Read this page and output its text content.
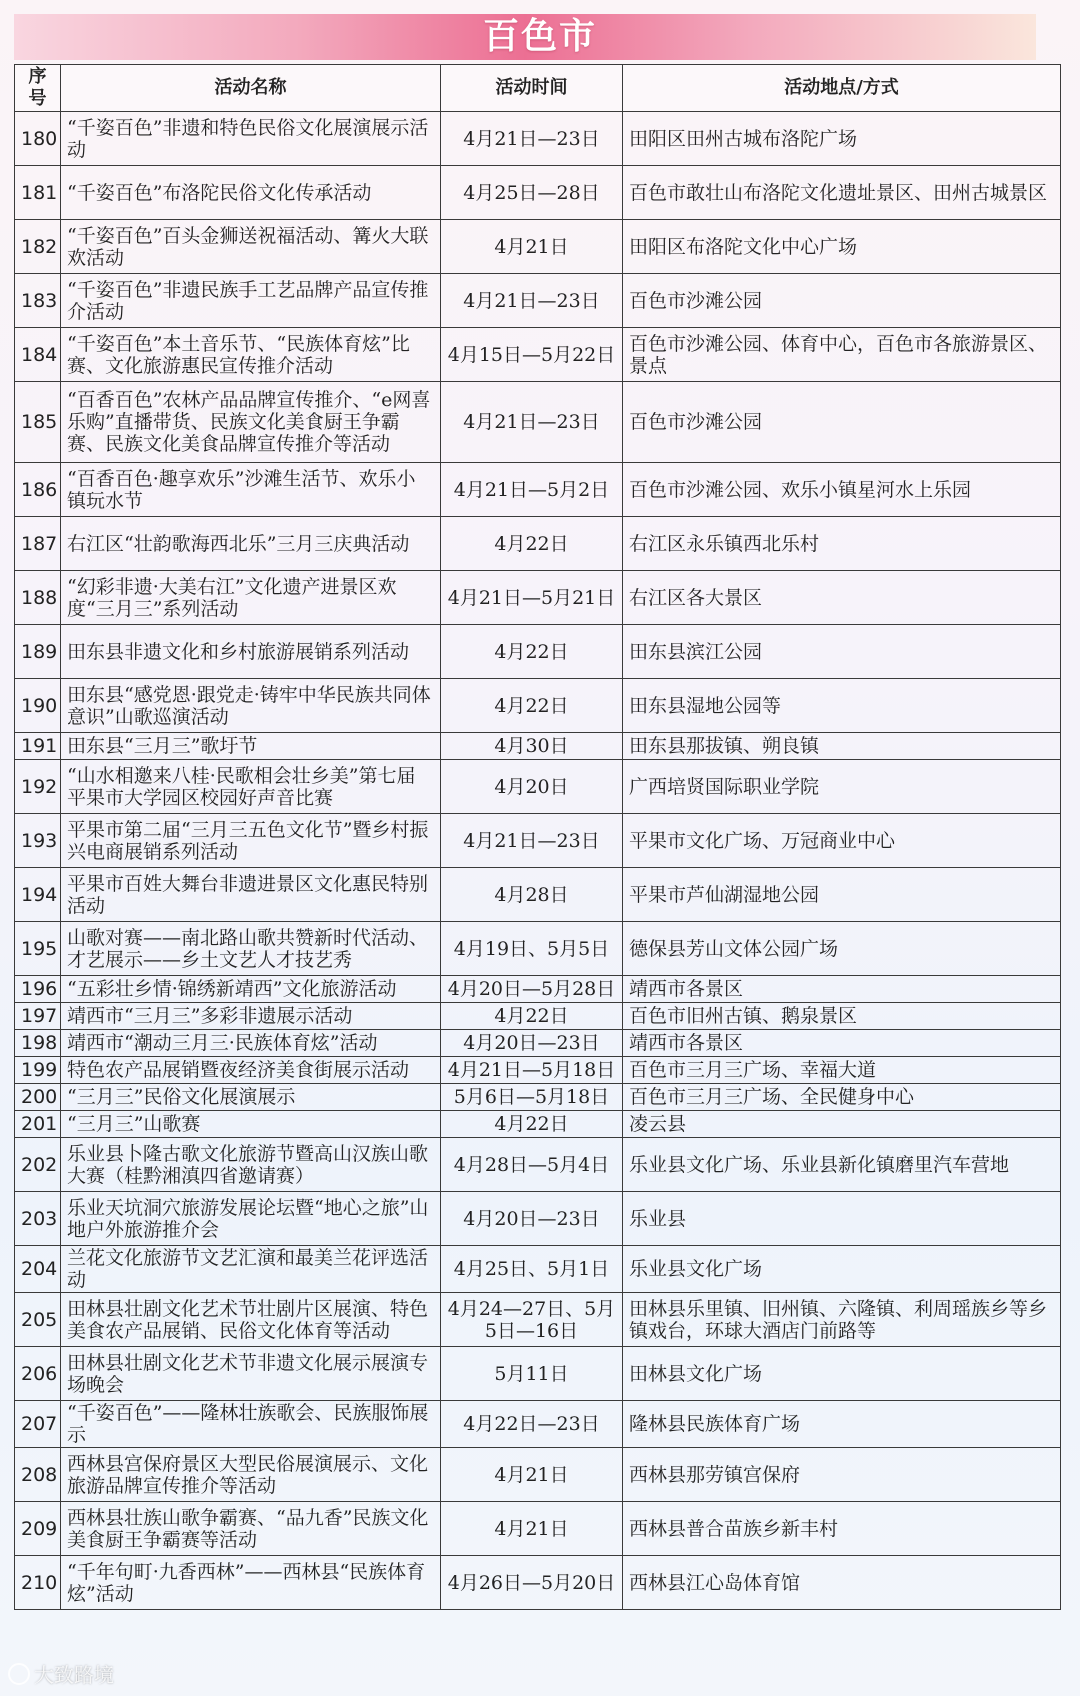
百色市
序号	活动名称	活动时间	活动地点/方式
180	“千姿百色”非遗和特色民俗文化展演展示活动	4月21日—23日	田阳区田州古城布洛陀广场
181	“千姿百色”布洛陀民俗文化传承活动	4月25日—28日	百色市敢壮山布洛陀文化遗址景区、田州古城景区
182	“千姿百色”百头金狮送祝福活动、篝火大联欢活动	4月21日	田阳区布洛陀文化中心广场
183	“千姿百色”非遗民族手工艺品牌产品宣传推介活动	4月21日—23日	百色市沙滩公园
184	“千姿百色”本土音乐节、“民族体育炫”比赛、文化旅游惠民宣传推介活动	4月15日—5月22日	百色市沙滩公园、体育中心，百色市各旅游景区、景点
185	“百香百色”农林产品品牌宣传推介、“e网喜乐购”直播带货、民族文化美食厨王争霸赛、民族文化美食品牌宣传推介等活动	4月21日—23日	百色市沙滩公园
186	“百香百色·趣享欢乐”沙滩生活节、欢乐小镇玩水节	4月21日—5月2日	百色市沙滩公园、欢乐小镇星河水上乐园
187	右江区“壮韵歌海西北乐”三月三庆典活动	4月22日	右江区永乐镇西北乐村
188	“幻彩非遗·大美右江”文化遗产进景区欢度“三月三”系列活动	4月21日—5月21日	右江区各大景区
189	田东县非遗文化和乡村旅游展销系列活动	4月22日	田东县滨江公园
190	田东县“感党恩·跟党走·铸牢中华民族共同体意识”山歌巡演活动	4月22日	田东县湿地公园等
191	田东县“三月三”歌圩节	4月30日	田东县那拔镇、朔良镇
192	“山水相邀来八桂·民歌相会壮乡美”第七届平果市大学园区校园好声音比赛	4月20日	广西培贤国际职业学院
193	平果市第二届“三月三五色文化节”暨乡村振兴电商展销系列活动	4月21日—23日	平果市文化广场、万冠商业中心
194	平果市百姓大舞台非遗进景区文化惠民特别活动	4月28日	平果市芦仙湖湿地公园
195	山歌对赛——南北路山歌共赞新时代活动、才艺展示——乡土文艺人才技艺秀	4月19日、5月5日	德保县芳山文体公园广场
196	“五彩壮乡情·锦绣新靖西”文化旅游活动	4月20日—5月28日	靖西市各景区
197	靖西市“三月三”多彩非遗展示活动	4月22日	百色市旧州古镇、鹅泉景区
198	靖西市“潮动三月三·民族体育炫”活动	4月20日—23日	靖西市各景区
199	特色农产品展销暨夜经济美食街展示活动	4月21日—5月18日	百色市三月三广场、幸福大道
200	“三月三”民俗文化展演展示	5月6日—5月18日	百色市三月三广场、全民健身中心
201	“三月三”山歌赛	4月22日	凌云县
202	乐业县卜隆古歌文化旅游节暨高山汉族山歌大赛（桂黔湘滇四省邀请赛）	4月28日—5月4日	乐业县文化广场、乐业县新化镇磨里汽车营地
203	乐业天坑洞穴旅游发展论坛暨“地心之旅”山地户外旅游推介会	4月20日—23日	乐业县
204	兰花文化旅游节文艺汇演和最美兰花评选活动	4月25日、5月1日	乐业县文化广场
205	田林县壮剧文化艺术节壮剧片区展演、特色美食农产品展销、民俗文化体育等活动	4月24—27日、5月5日—16日	田林县乐里镇、旧州镇、六隆镇、利周瑶族乡等乡镇戏台，环球大酒店门前路等
206	田林县壮剧文化艺术节非遗文化展示展演专场晚会	5月11日	田林县文化广场
207	“千姿百色”——隆林壮族歌会、民族服饰展示	4月22日—23日	隆林县民族体育广场
208	西林县宫保府景区大型民俗展演展示、文化旅游品牌宣传推介等活动	4月21日	西林县那劳镇宫保府
209	西林县壮族山歌争霸赛、“品九香”民族文化美食厨王争霸赛等活动	4月21日	西林县普合苗族乡新丰村
210	“千年句町·九香西林”——西林县“民族体育炫”活动	4月26日—5月20日	西林县江心岛体育馆
大致路境
